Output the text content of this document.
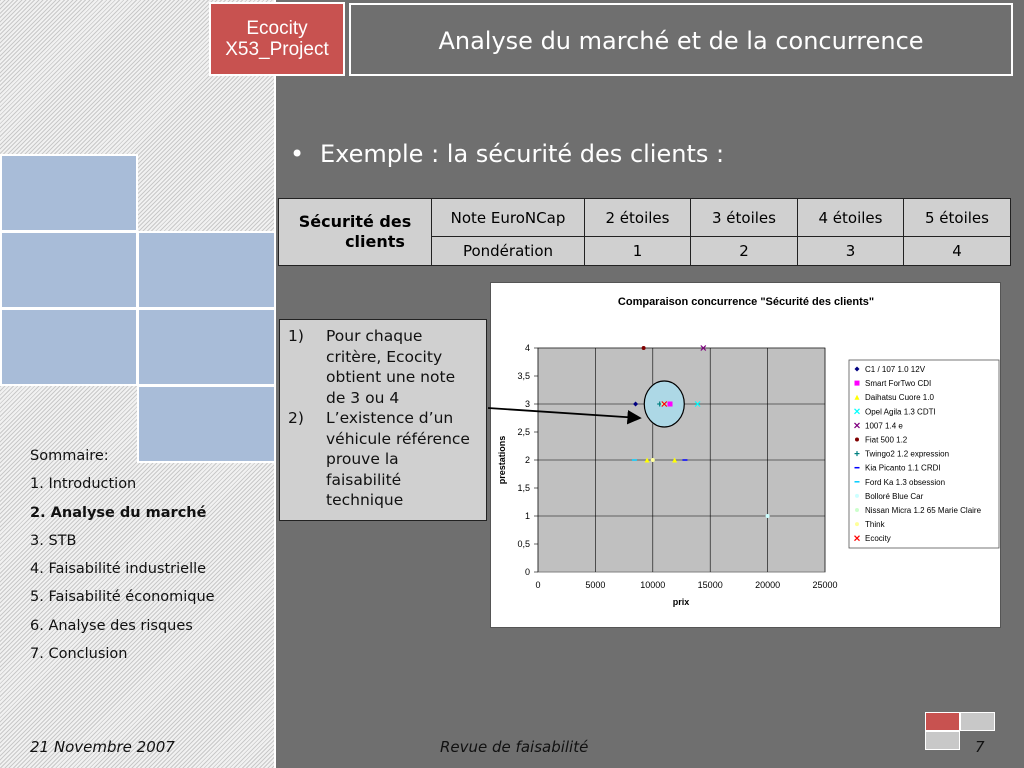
Ecocity
X53_Project	Analyse du marché et de la concurrence
Sommaire:
1. Introduction
2. Analyse du marché
3. STB
4. Faisabilité industrielle
5. Faisabilité économique
6. Analyse des risques
7. Conclusion
• Exemple : la sécurité des clients :
Sécurité des
clients	Note EuroNCap	2 étoiles	3 étoiles	4 étoiles	5 étoiles
	Pondération	1	2	3	4
1) Pour chaque
critère, Ecocity
obtient une note
de 3 ou 4
2) L’existence d’un
véhicule référence
prouve la
faisabilité
technique
Comparaison concurrence "Sécurité des clients"
0	5000	10000	15000	20000	25000
0
0,5
1
1,5
2
2,5
3
3,5
4
prix
prestations
C1 / 107 1.0 12V
Smart ForTwo CDI
Daihatsu Cuore 1.0
Opel Agila 1.3 CDTI
1007 1.4 e
Fiat 500 1.2
Twingo2 1.2 expression
Kia Picanto 1.1 CRDI
Ford Ka 1.3 obsession
Bolloré Blue Car
Nissan Micra 1.2 65 Marie Claire
Think
Ecocity
21 Novembre 2007	Revue de faisabilité	7
